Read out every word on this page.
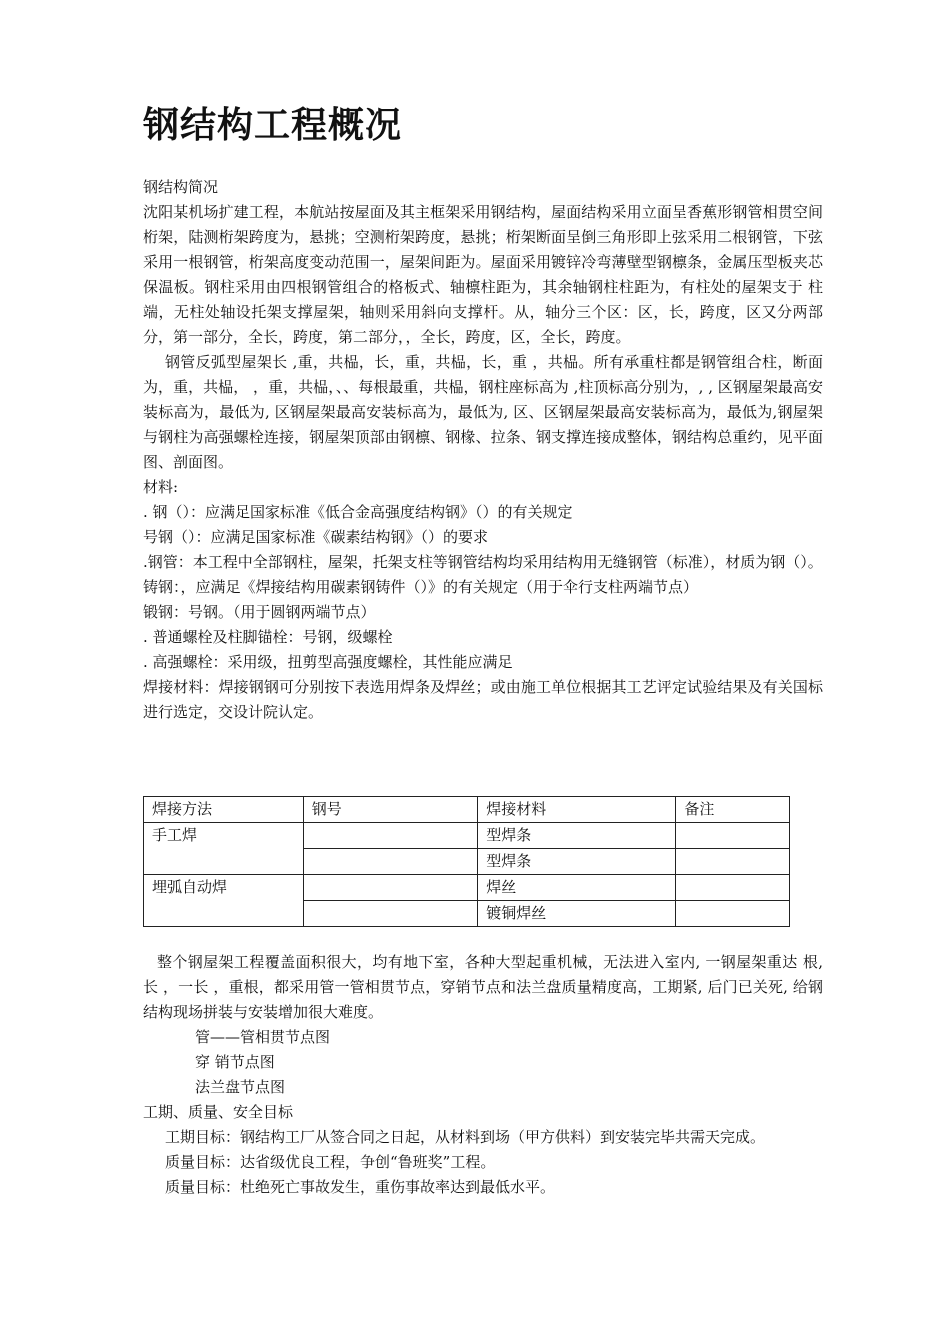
钢结构工程概况

钢结构简况

沈阳某机场扩建工程，本航站按屋面及其主框架采用钢结构，屋面结构采用立面呈香蕉形钢管相贯空间桁架，陆测桁架跨度为，悬挑；空测桁架跨度，悬挑；桁架断面呈倒三角形即上弦采用二根钢管，下弦采用一根钢管，桁架高度变动范围一，屋架间距为。屋面采用镀锌冷弯薄壁型钢檩条，金属压型板夹芯保温板。钢柱采用由四根钢管组合的格板式、轴檩柱距为，其余轴钢柱柱距为，有柱处的屋架支于 柱端，无柱处轴设托架支撑屋架，轴则采用斜向支撑杆。从，轴分三个区：区，长，跨度，区又分两部分，第一部分，全长，跨度，第二部分，，全长，跨度，区，全长，跨度。

钢管反弧型屋架长 ,重，共榀，长，重，共榀，长，重 ，共榀。所有承重柱都是钢管组合柱，断面为，重，共榀， ，重，共榀，、、每根最重，共榀，钢柱座标高为 ,柱顶标高分别为，, , 区钢屋架最高安装标高为，最低为, 区钢屋架最高安装标高为，最低为, 区、区钢屋架最高安装标高为，最低为,钢屋架与钢柱为高强螺栓连接，钢屋架顶部由钢檩、钢椽、拉条、钢支撑连接成整体，钢结构总重约，见平面图、剖面图。

材料:

. 钢（）：应满足国家标准《低合金高强度结构钢》（）的有关规定

号钢（）：应满足国家标准《碳素结构钢》（）的要求

.钢管：本工程中全部钢柱，屋架，托架支柱等钢管结构均采用结构用无缝钢管（标准），材质为钢（）。

铸钢：，应满足《焊接结构用碳素钢铸件（）》的有关规定（用于伞行支柱两端节点）

锻钢：号钢。（用于圆钢两端节点）

. 普通螺栓及柱脚锚栓：号钢，级螺栓

. 高强螺栓：采用级，扭剪型高强度螺栓，其性能应满足

焊接材料：焊接钢钢可分别按下表选用焊条及焊丝；或由施工单位根据其工艺评定试验结果及有关国标进行选定，交设计院认定。

焊接方法	钢号	焊接材料	备注
手工焊		型焊条	
		型焊条	
埋弧自动焊		焊丝	
		镀铜焊丝	

整个钢屋架工程覆盖面积很大，均有地下室，各种大型起重机械，无法进入室内, 一钢屋架重达 根, 长 ，一长 ，重根，都采用管一管相贯节点，穿销节点和法兰盘质量精度高，工期紧, 后门已关死, 给钢结构现场拼装与安装增加很大难度。

管——管相贯节点图

穿 销节点图

法兰盘节点图

工期、质量、安全目标

工期目标：钢结构工厂从签合同之日起，从材料到场（甲方供料）到安装完毕共需天完成。

质量目标：达省级优良工程，争创“鲁班奖”工程。

质量目标：杜绝死亡事故发生，重伤事故率达到最低水平。
